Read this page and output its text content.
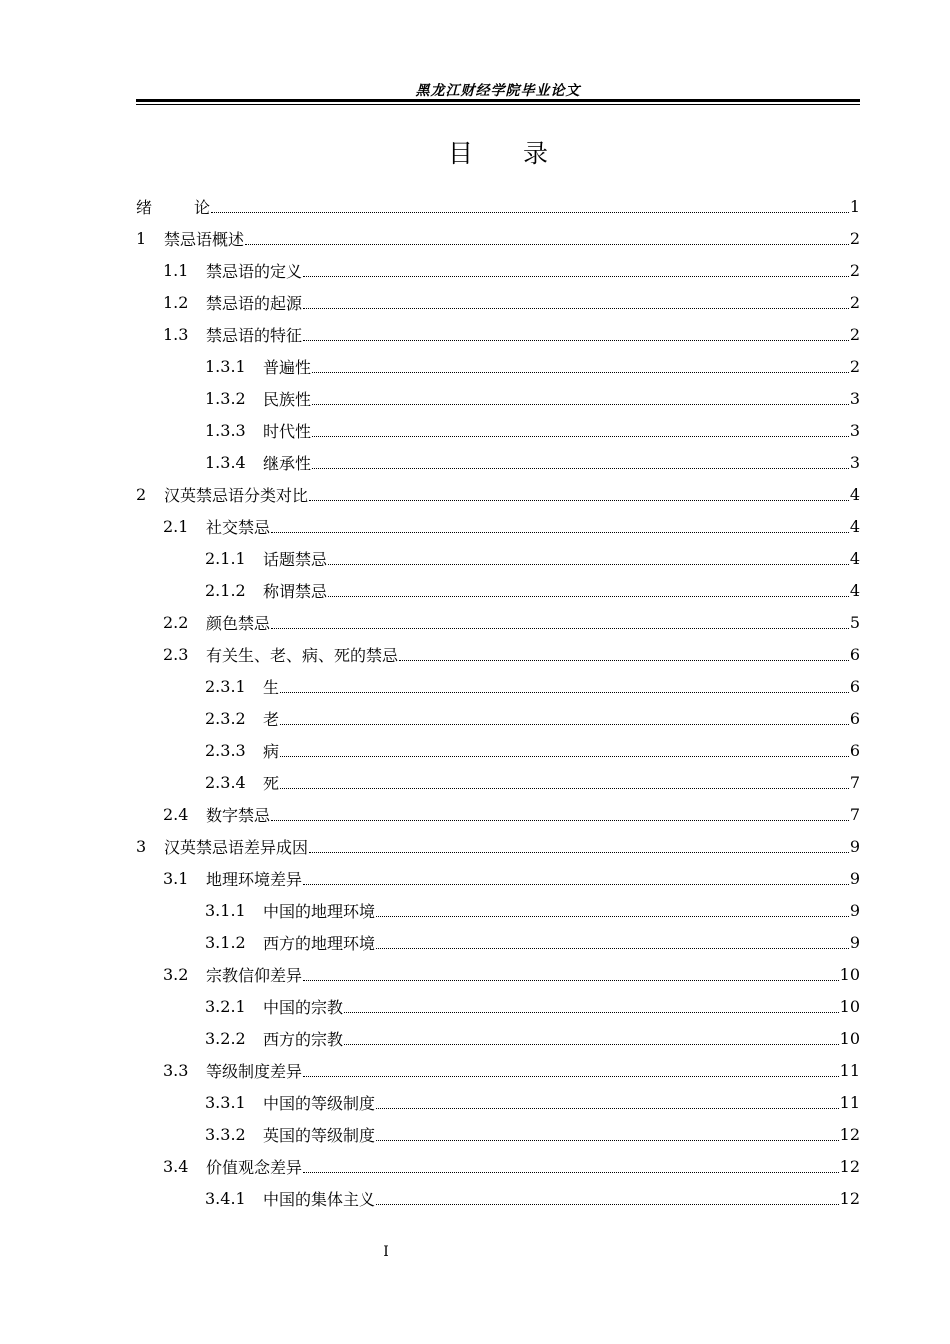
黑龙江财经学院毕业论文
目 录
绪	论	1
1	禁忌语概述	2
1.1	禁忌语的定义	2
1.2	禁忌语的起源	2
1.3	禁忌语的特征	2
1.3.1	普遍性	2
1.3.2	民族性	3
1.3.3	时代性	3
1.3.4	继承性	3
2	汉英禁忌语分类对比	4
2.1	社交禁忌	4
2.1.1	话题禁忌	4
2.1.2	称谓禁忌	4
2.2	颜色禁忌	5
2.3	有关生、老、病、死的禁忌	6
2.3.1	生	6
2.3.2	老	6
2.3.3	病	6
2.3.4	死	7
2.4	数字禁忌	7
3	汉英禁忌语差异成因	9
3.1	地理环境差异	9
3.1.1	中国的地理环境	9
3.1.2	西方的地理环境	9
3.2	宗教信仰差异	10
3.2.1	中国的宗教	10
3.2.2	西方的宗教	10
3.3	等级制度差异	11
3.3.1	中国的等级制度	11
3.3.2	英国的等级制度	12
3.4	价值观念差异	12
3.4.1	中国的集体主义	12
I
